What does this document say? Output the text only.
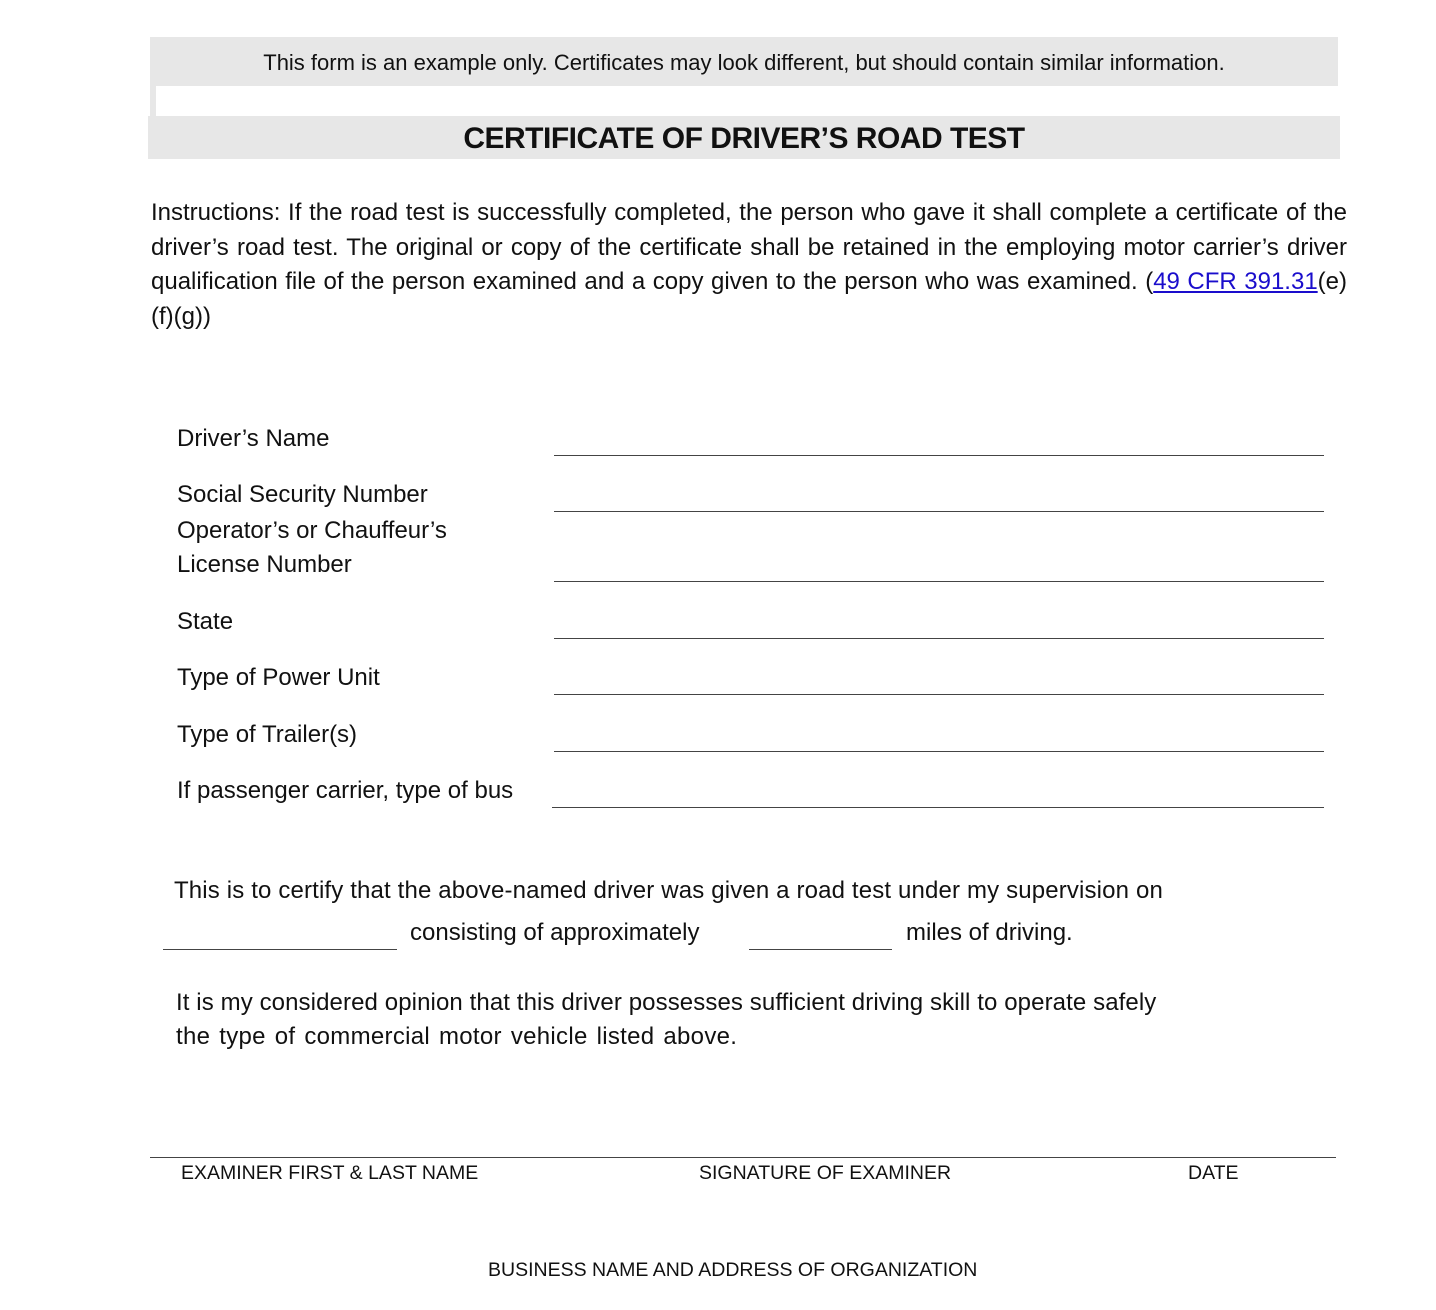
This form is an example only. Certificates may look different, but should contain similar information.
CERTIFICATE OF DRIVER’S ROAD TEST
Instructions: If the road test is successfully completed, the person who gave it shall complete a certificate of the driver’s road test. The original or copy of the certificate shall be retained in the employing motor carrier’s driver qualification file of the person examined and a copy given to the person who was examined. (49 CFR 391.31(e)(f)(g))
Driver’s Name
Social Security Number
Operator’s or Chauffeur’s
License Number
State
Type of Power Unit
Type of Trailer(s)
If passenger carrier, type of bus
This is to certify that the above-named driver was given a road test under my supervision on
consisting of approximately	miles of driving.
It is my considered opinion that this driver possesses sufficient driving skill to operate safely
the type of commercial motor vehicle listed above.
EXAMINER FIRST & LAST NAME	SIGNATURE OF EXAMINER	DATE
BUSINESS NAME AND ADDRESS OF ORGANIZATION
